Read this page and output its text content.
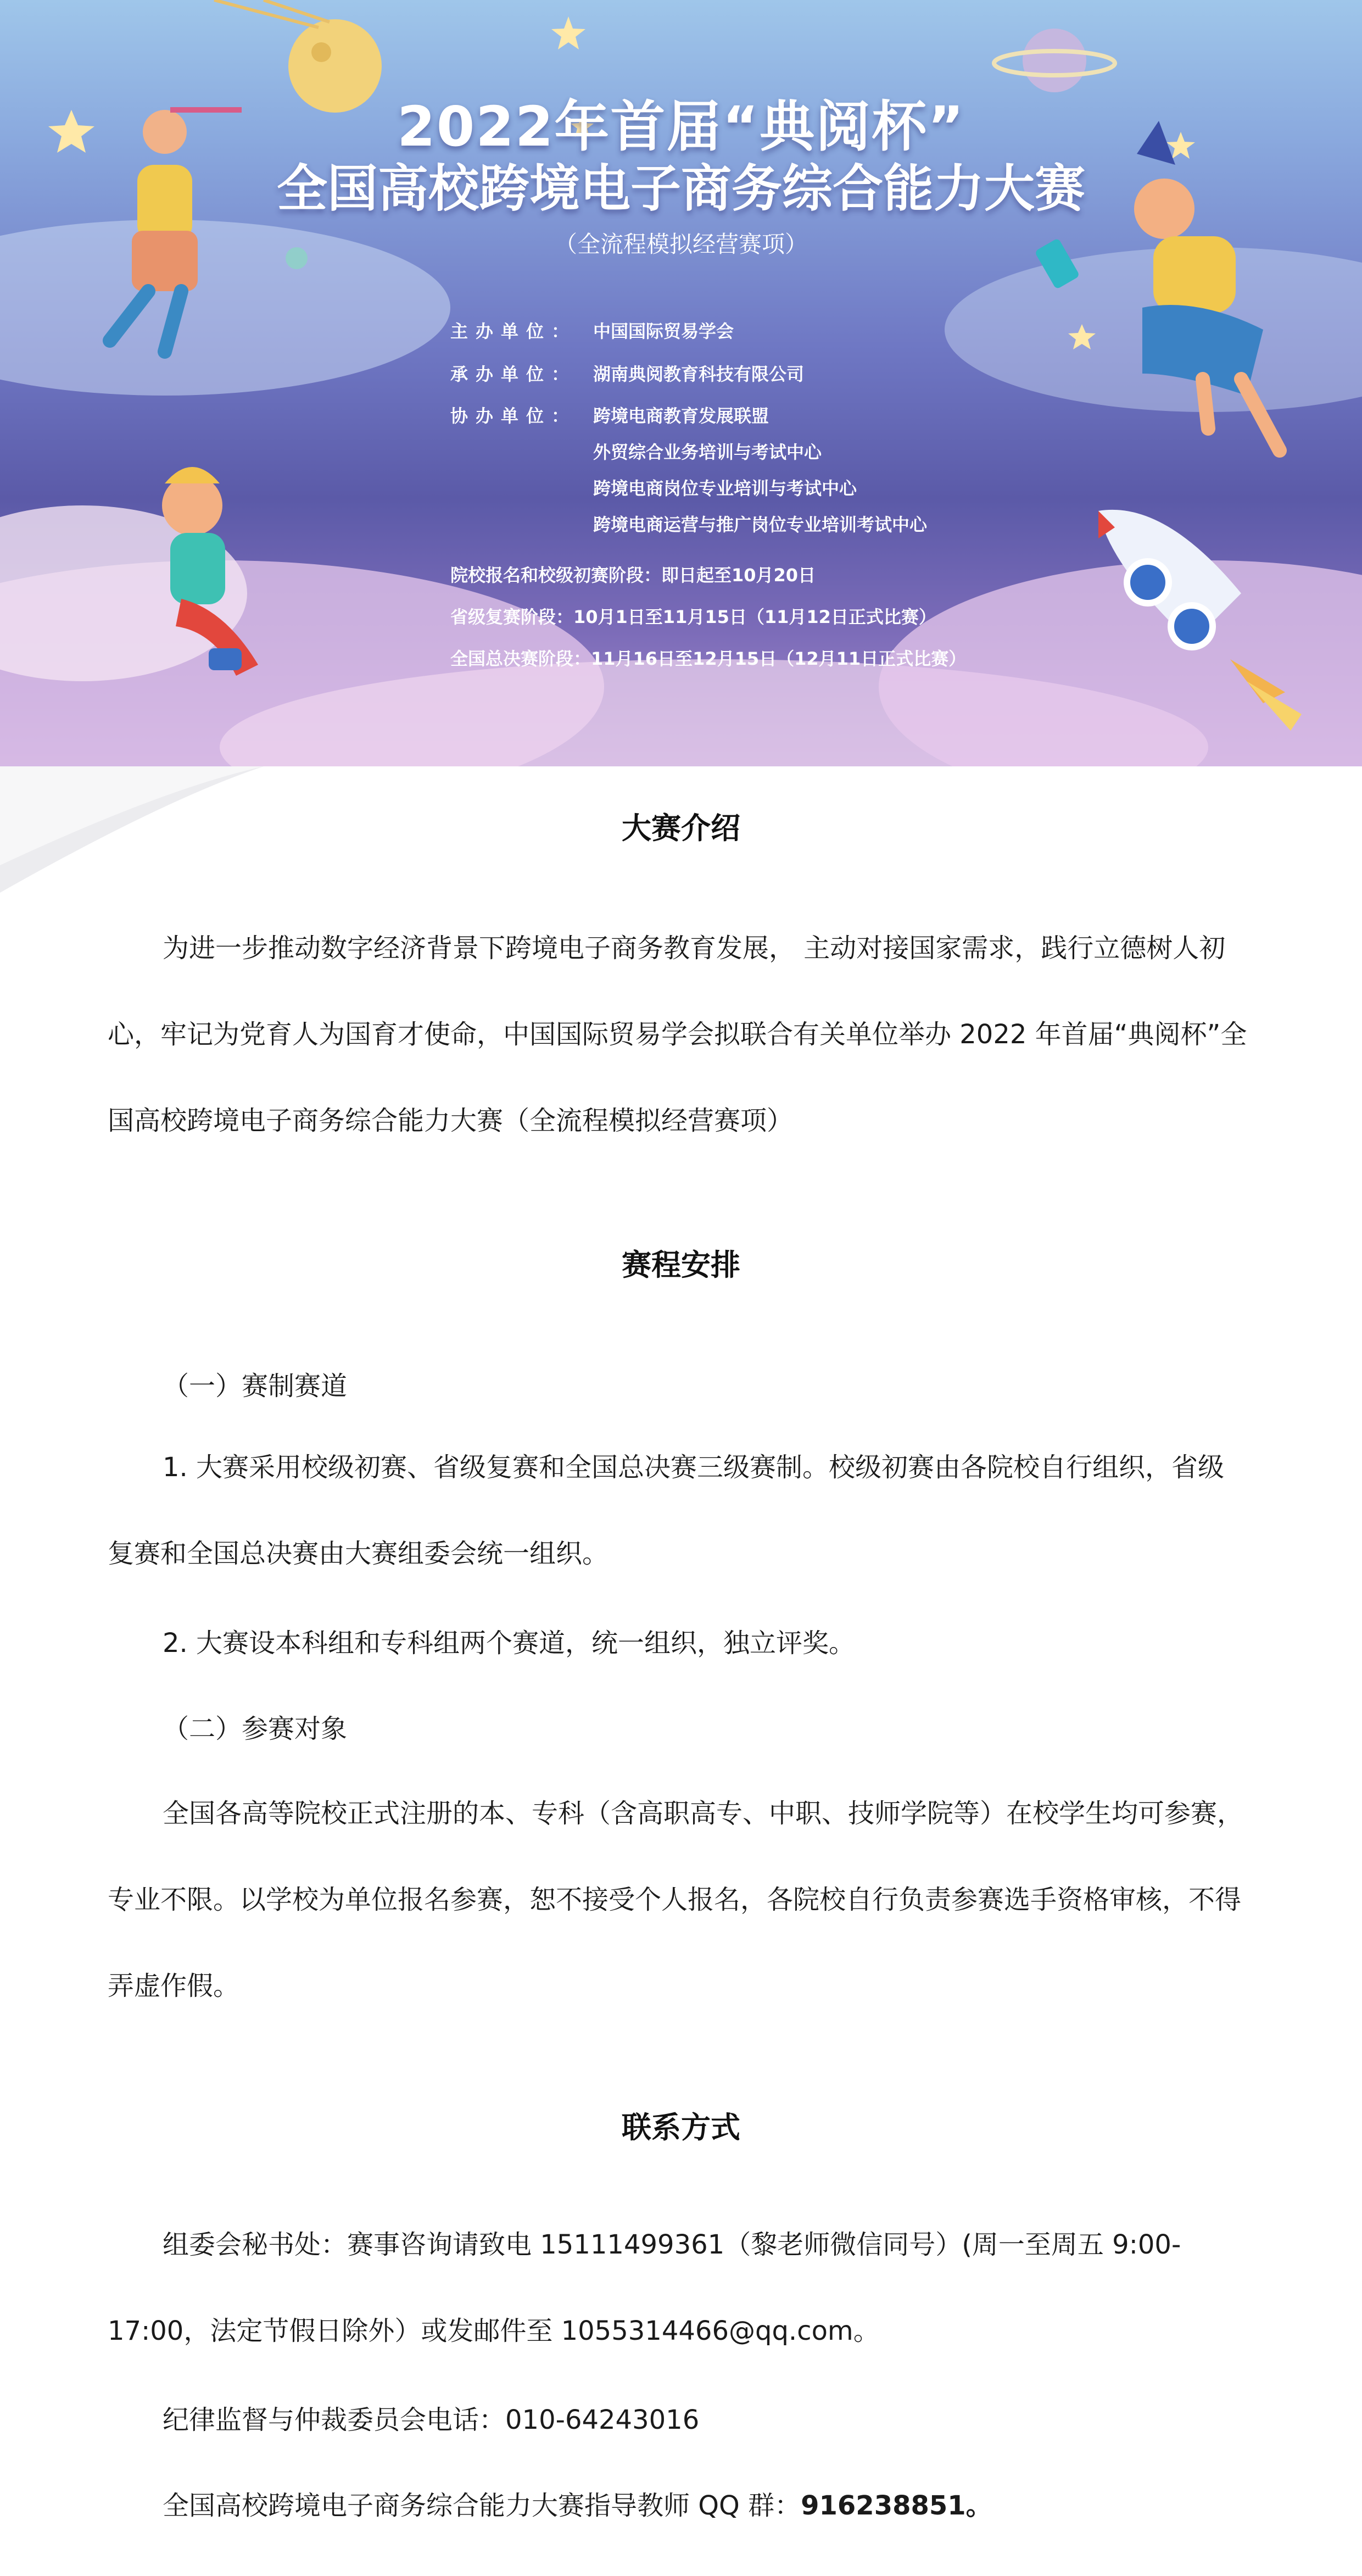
2022年首届“典阅杯”
全国高校跨境电子商务综合能力大赛
（全流程模拟经营赛项）
主办单位： 中国国际贸易学会
承办单位： 湖南典阅教育科技有限公司
协办单位： 跨境电商教育发展联盟
外贸综合业务培训与考试中心
跨境电商岗位专业培训与考试中心
跨境电商运营与推广岗位专业培训考试中心
院校报名和校级初赛阶段：即日起至10月20日
省级复赛阶段：10月1日至11月15日（11月12日正式比赛）
全国总决赛阶段：11月16日至12月15日（12月11日正式比赛）
大赛介绍

为进一步推动数字经济背景下跨境电子商务教育发展， 主动对接国家需求，践行立德树人初心，牢记为党育人为国育才使命，中国国际贸易学会拟联合有关单位举办 2022 年首届“典阅杯”全国高校跨境电子商务综合能力大赛（全流程模拟经营赛项）

赛程安排
（一）赛制赛道

1. 大赛采用校级初赛、省级复赛和全国总决赛三级赛制。校级初赛由各院校自行组织，省级复赛和全国总决赛由大赛组委会统一组织。

2. 大赛设本科组和专科组两个赛道，统一组织，独立评奖。
（二）参赛对象

全国各高等院校正式注册的本、专科（含高职高专、中职、技师学院等）在校学生均可参赛，专业不限。以学校为单位报名参赛，恕不接受个人报名，各院校自行负责参赛选手资格审核，不得弄虚作假。

联系方式

组委会秘书处：赛事咨询请致电 15111499361（黎老师微信同号）(周一至周五 9:00-17:00，法定节假日除外）或发邮件至 1055314466@qq.com。

纪律监督与仲裁委员会电话：010-64243016
全国高校跨境电子商务综合能力大赛指导教师 QQ 群：916238851。
